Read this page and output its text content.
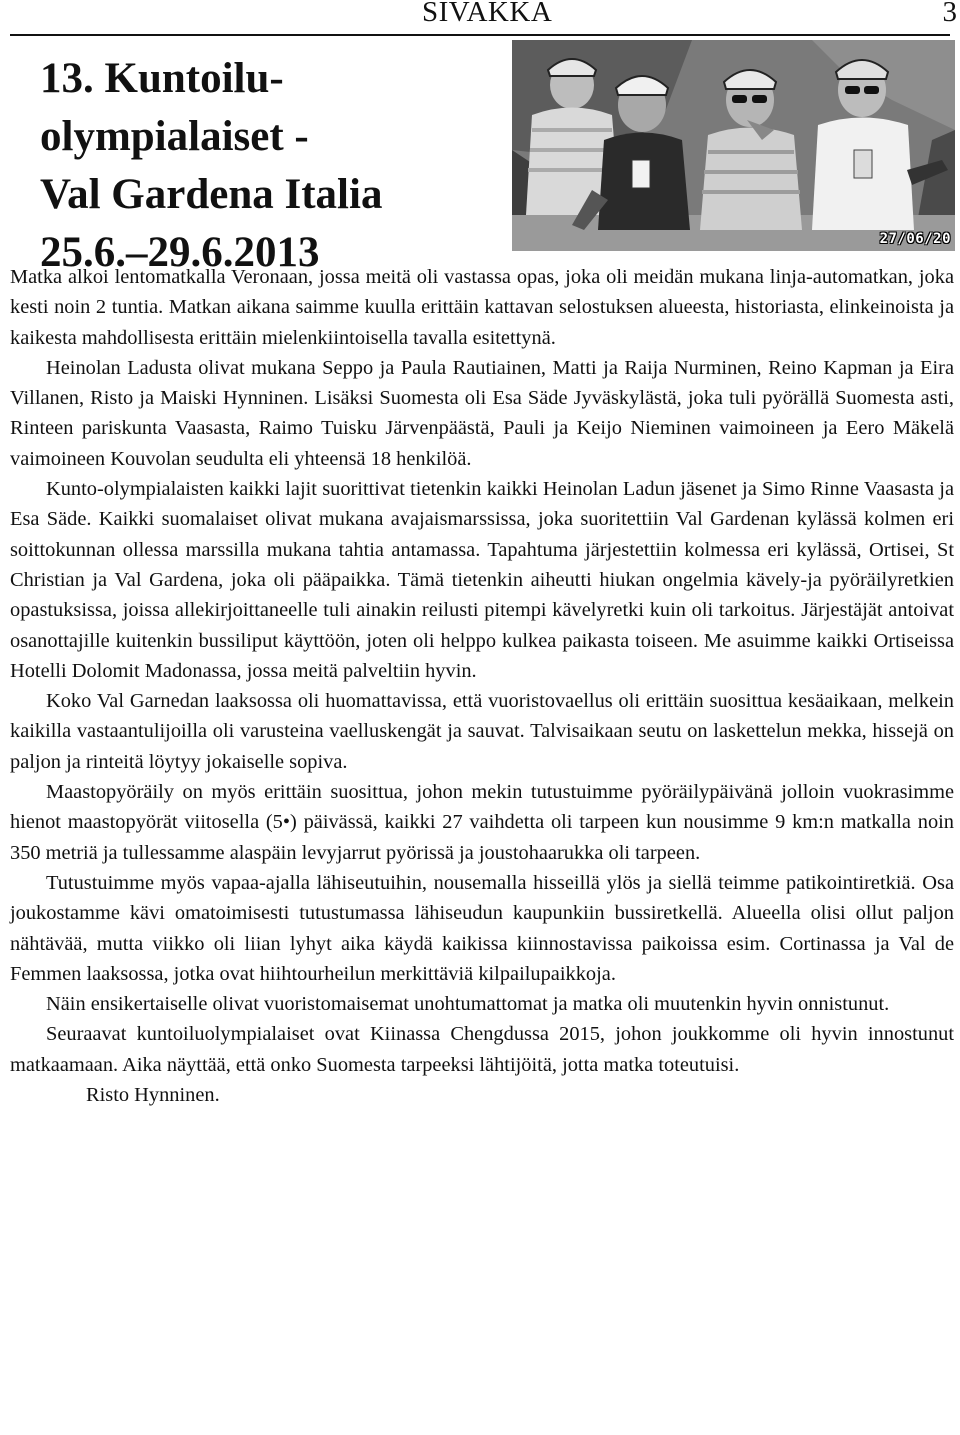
SIVAKKA	3
13. Kuntoilu-
olympialaiset -
Val Gardena Italia
25.6.–29.6.2013	27/06/20

Matka alkoi lentomatkalla Veronaan, jossa meitä oli vastassa opas, joka oli meidän mukana linja-automatkan, joka kesti noin 2 tuntia. Matkan aikana saimme kuulla erittäin kattavan selostuksen alueesta, historiasta, elinkeinoista ja kaikesta mahdollisesta erittäin mielenkiintoisella tavalla esitettynä.

Heinolan Ladusta olivat mukana Seppo ja Paula Rautiainen, Matti ja Raija Nurminen, Reino Kapman ja Eira Villanen, Risto ja Maiski Hynninen. Lisäksi Suomesta oli Esa Säde Jyväskylästä, joka tuli pyörällä Suomesta asti, Rinteen pariskunta Vaasasta, Raimo Tuisku Järvenpäästä, Pauli ja Keijo Nieminen vaimoineen ja Eero Mäkelä vaimoineen Kouvolan seudulta eli yhteensä 18 henkilöä.

Kunto-olympialaisten kaikki lajit suorittivat tietenkin kaikki Heinolan Ladun jäsenet ja Simo Rinne Vaasasta ja Esa Säde. Kaikki suomalaiset olivat mukana avajaismarssissa, joka suoritettiin Val Gardenan kylässä kolmen eri soittokunnan ollessa marssilla mukana tahtia antamassa. Tapahtuma järjestettiin kolmessa eri kylässä, Ortisei, St Christian ja Val Gardena, joka oli pääpaikka. Tämä tietenkin aiheutti hiukan ongelmia kävely-ja pyöräilyretkien opastuksissa, joissa allekirjoittaneelle tuli ainakin reilusti pitempi kävelyretki kuin oli tarkoitus. Järjestäjät antoivat osanottajille kuitenkin bussiliput käyttöön, joten oli helppo kulkea paikasta toiseen. Me asuimme kaikki Ortiseissa Hotelli Dolomit Madonassa, jossa meitä palveltiin hyvin.

Koko Val Garnedan laaksossa oli huomattavissa, että vuoristovaellus oli erittäin suosittua kesäaikaan, melkein kaikilla vastaantulijoilla oli varusteina vaelluskengät ja sauvat. Talvisaikaan seutu on laskettelun mekka, hissejä on paljon ja rinteitä löytyy jokaiselle sopiva.

Maastopyöräily on myös erittäin suosittua, johon mekin tutustuimme pyöräilypäivänä jolloin vuokrasimme hienot maastopyörät viitosella (5•) päivässä, kaikki 27 vaihdetta oli tarpeen kun nousimme 9 km:n matkalla noin 350 metriä ja tullessamme alaspäin levyjarrut pyörissä ja joustohaarukka oli tarpeen.

Tutustuimme myös vapaa-ajalla lähiseutuihin, nousemalla hisseillä ylös ja siellä teimme patikointiretkiä. Osa joukostamme kävi omatoimisesti tutustumassa lähiseudun kaupunkiin bussiretkellä. Alueella olisi ollut paljon nähtävää, mutta viikko oli liian lyhyt aika käydä kaikissa kiinnostavissa paikoissa esim. Cortinassa ja Val de Femmen laaksossa, jotka ovat hiihtourheilun merkittäviä kilpailupaikkoja.

Näin ensikertaiselle olivat vuoristomaisemat unohtumattomat ja matka oli muutenkin hyvin onnistunut.

Seuraavat kuntoiluolympialaiset ovat Kiinassa Chengdussa 2015, johon joukkomme oli hyvin innostunut matkaamaan. Aika näyttää, että onko Suomesta tarpeeksi lähtijöitä, jotta matka toteutuisi.

Risto Hynninen.
